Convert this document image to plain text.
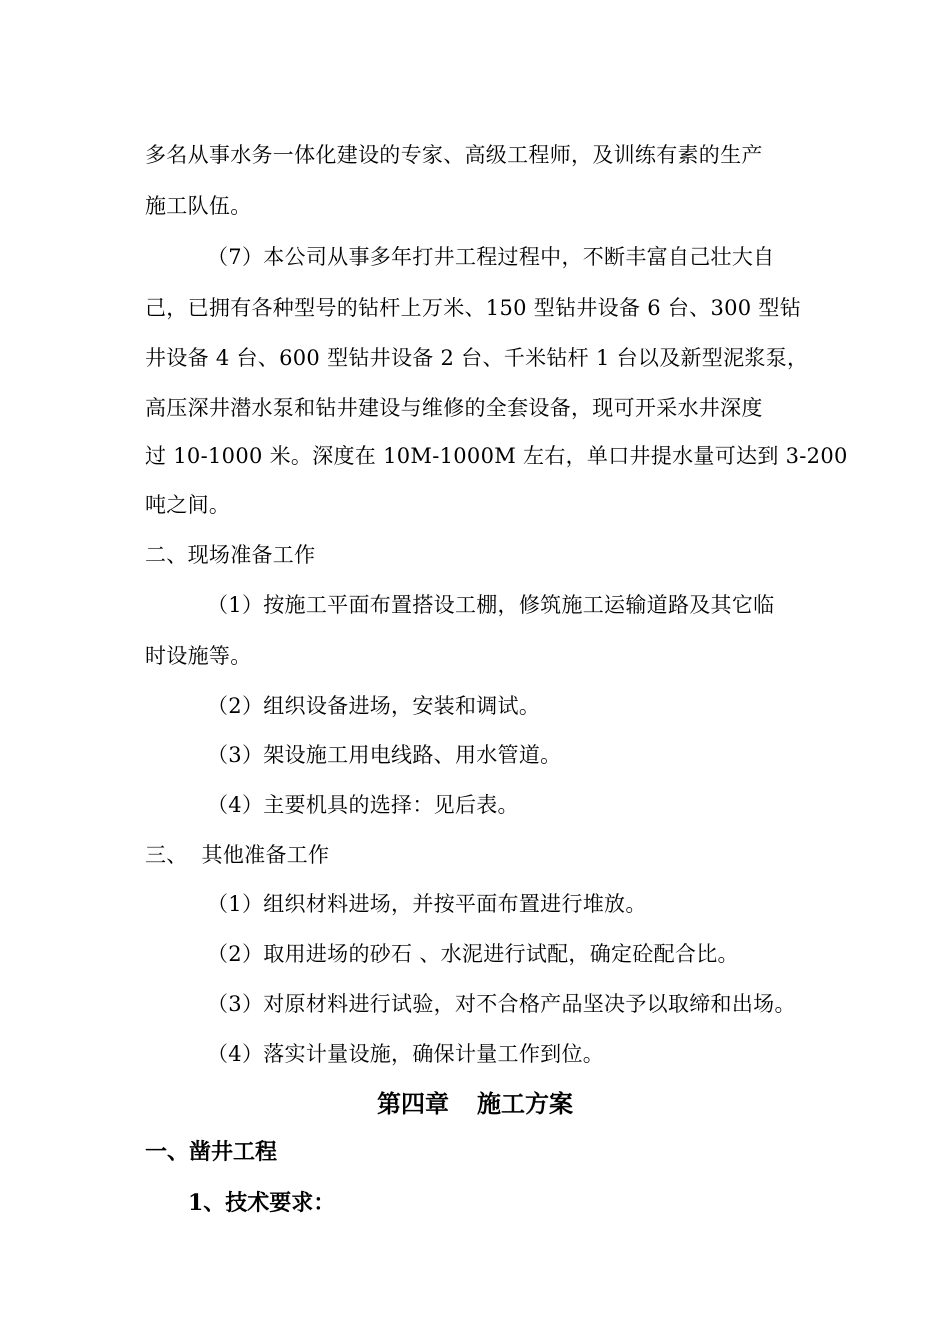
多名从事水务一体化建设的专家、高级工程师，及训练有素的生产
施工队伍。
（7）本公司从事多年打井工程过程中，不断丰富自己壮大自
己，已拥有各种型号的钻杆上万米、150 型钻井设备 6 台、300 型钻
井设备 4 台、600 型钻井设备 2 台、千米钻杆 1 台以及新型泥浆泵，
高压深井潜水泵和钻井建设与维修的全套设备，现可开采水井深度
过 10-1000 米。深度在 10M-1000M 左右，单口井提水量可达到 3-200
吨之间。
二、现场准备工作
（1）按施工平面布置搭设工棚，修筑施工运输道路及其它临
时设施等。
（2）组织设备进场，安装和调试。
（3）架设施工用电线路、用水管道。
（4）主要机具的选择：见后表。
三、  其他准备工作
（1）组织材料进场，并按平面布置进行堆放。
（2）取用进场的砂石 、水泥进行试配，确定砼配合比。
（3）对原材料进行试验，对不合格产品坚决予以取缔和出场。
（4）落实计量设施，确保计量工作到位。
第四章 施工方案
一、凿井工程
1、技术要求：
